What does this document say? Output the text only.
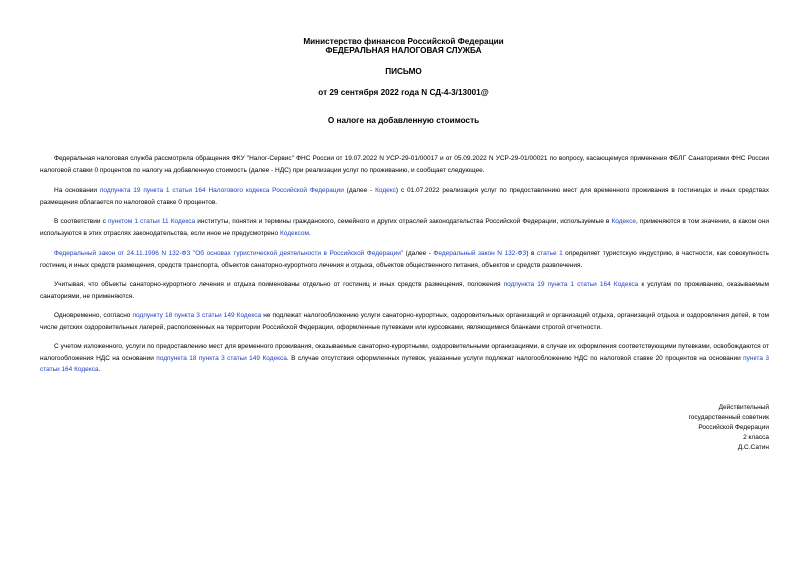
Министерство финансов Российской Федерации
ФЕДЕРАЛЬНАЯ НАЛОГОВАЯ СЛУЖБА
ПИСЬМО
от 29 сентября 2022 года N СД-4-3/13001@
О налоге на добавленную стоимость

Федеральная налоговая служба рассмотрела обращения ФКУ "Налог-Сервис" ФНС России от 19.07.2022 N УСР-29-01/00017 и от 05.09.2022 N УСР-29-01/00021 по вопросу, касающемуся применения ФБЛГ Санаториями ФНС России налоговой ставки 0 процентов по налогу на добавленную стоимость (далее - НДС) при реализации услуг по проживанию, и сообщает следующее.

На основании подпункта 19 пункта 1 статьи 164 Налогового кодекса Российской Федерации (далее - Кодекс) с 01.07.2022 реализация услуг по предоставлению мест для временного проживания в гостиницах и иных средствах размещения облагается по налоговой ставке 0 процентов.

В соответствии с пунктом 1 статьи 11 Кодекса институты, понятия и термины гражданского, семейного и других отраслей законодательства Российской Федерации, используемые в Кодексе, применяются в том значении, в каком они используются в этих отраслях законодательства, если иное не предусмотрено Кодексом.

Федеральный закон от 24.11.1996 N 132-ФЗ "Об основах туристической деятельности в Российской Федерации" (далее - Федеральный закон N 132-ФЗ) в статье 1 определяет туристскую индустрию, в частности, как совокупность гостиниц и иных средств размещения, средств транспорта, объектов санаторно-курортного лечения и отдыха, объектов общественного питания, объектов и средств развлечения.

Учитывая, что объекты санаторно-курортного лечения и отдыха поименованы отдельно от гостиниц и иных средств размещения, положения подпункта 19 пункта 1 статьи 164 Кодекса к услугам по проживанию, оказываемым санаториями, не применяются.

Одновременно, согласно подпункту 18 пункта 3 статьи 149 Кодекса не подлежат налогообложению услуги санаторно-курортных, оздоровительных организаций и организаций отдыха, организаций отдыха и оздоровления детей, в том числе детских оздоровительных лагерей, расположенных на территории Российской Федерации, оформленные путевками или курсовками, являющимися бланками строгой отчетности.

С учетом изложенного, услуги по предоставлению мест для временного проживания, оказываемые санаторно-курортными, оздоровительными организациями, в случае их оформления соответствующими путевками, освобождаются от налогообложения НДС на основании подпункта 18 пункта 3 статьи 149 Кодекса. В случае отсутствия оформленных путевок, указанные услуги подлежат налогообложению НДС по налоговой ставке 20 процентов на основании пункта 3 статьи 164 Кодекса.

Действительный
государственный советник
Российской Федерации
2 класса
Д.С.Сатин
